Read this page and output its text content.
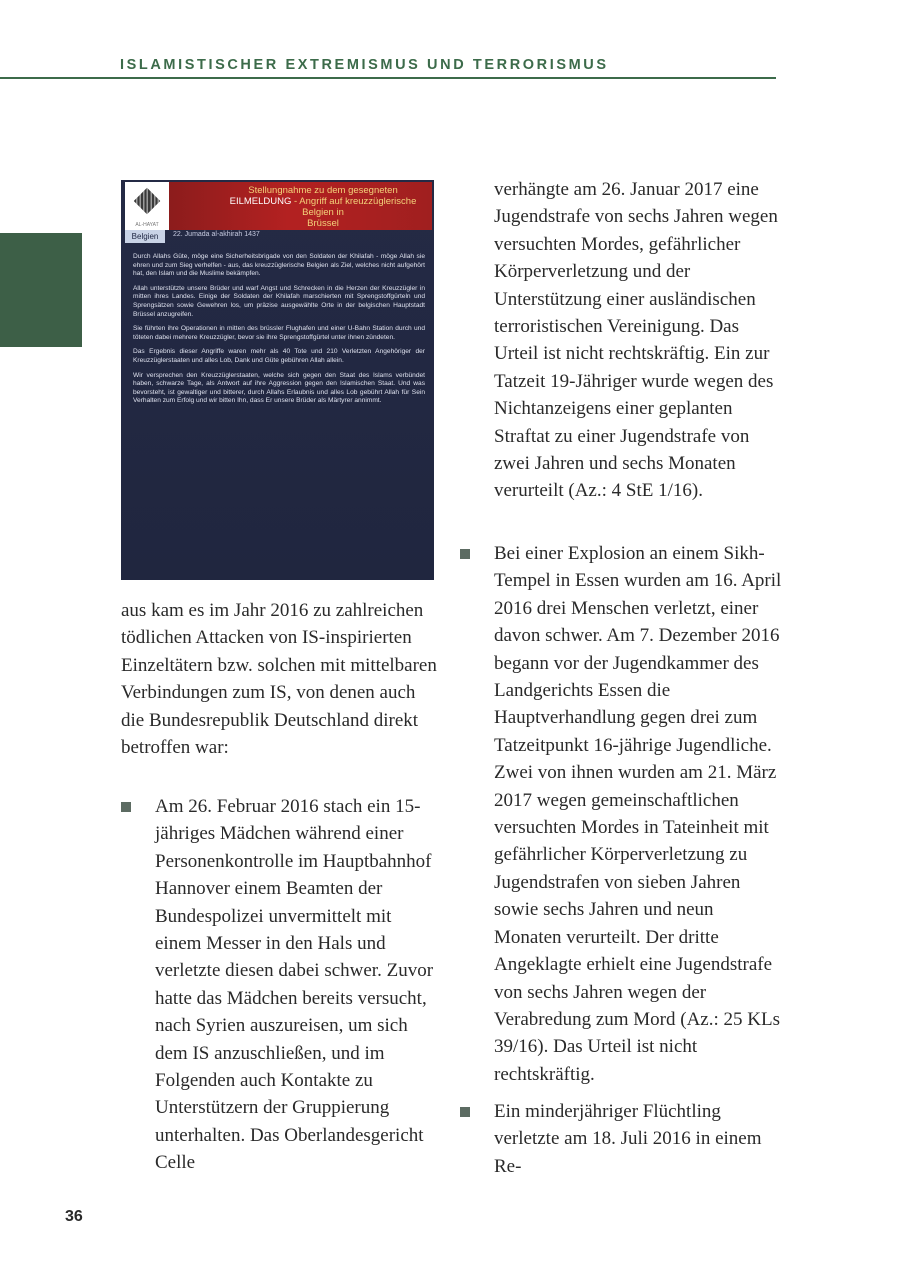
ISLAMISTISCHER EXTREMISMUS UND TERRORISMUS
AL-HAYAT
Stellungnahme zu dem gesegneten
EILMELDUNG - Angriff auf kreuzzüglerische Belgien in
Brüssel
Belgien	22. Jumada al-akhirah 1437

Durch Allahs Güte, möge eine Sicherheitsbrigade von den Soldaten der Khilafah - möge Allah sie ehren und zum Sieg verhelfen - aus, das kreuzzüglerische Belgien als Ziel, welches nicht aufgehört hat, den Islam und die Muslime bekämpfen.

Allah unterstützte unsere Brüder und warf Angst und Schrecken in die Herzen der Kreuzzügler in mitten ihres Landes. Einige der Soldaten der Khilafah marschierten mit Sprengstoffgürteln und Sprengsätzen sowie Gewehren los, um präzise ausgewählte Orte in der belgischen Hauptstadt Brüssel anzugreifen.

Sie führten ihre Operationen in mitten des brüssler Flughafen und einer U-Bahn Station durch und töteten dabei mehrere Kreuzzügler, bevor sie ihre Sprengstoffgürtel unter ihnen zündeten.

Das Ergebnis dieser Angriffe waren mehr als 40 Tote und 210 Verletzten Angehöriger der Kreuzzüglerstaaten und alles Lob, Dank und Güte gebühren Allah allein.

Wir versprechen den Kreuzzüglerstaaten, welche sich gegen den Staat des Islams verbündet haben, schwarze Tage, als Antwort auf ihre Aggression gegen den Islamischen Staat. Und was bevorsteht, ist gewaltiger und bitterer, durch Allahs Erlaubnis und alles Lob gebührt Allah für Sein Verhalten zum Erfolg und wir bitten Ihn, dass Er unsere Brüder als Märtyrer annimmt.

aus kam es im Jahr 2016 zu zahlreichen tödlichen Attacken von IS-inspirierten Einzeltätern bzw. solchen mit mittelbaren Verbindungen zum IS, von denen auch die Bundesrepublik Deutschland direkt betroffen war:

Am 26. Februar 2016 stach ein 15-jähriges Mädchen während einer Personenkontrolle im Hauptbahnhof Hannover einem Beamten der Bundespolizei unvermittelt mit einem Messer in den Hals und verletzte diesen dabei schwer. Zuvor hatte das Mädchen bereits versucht, nach Syrien auszureisen, um sich dem IS anzuschließen, und im Folgenden auch Kontakte zu Unterstützern der Gruppierung unterhalten. Das Oberlandesgericht Celle

verhängte am 26. Januar 2017 eine Jugendstrafe von sechs Jahren wegen versuchten Mordes, gefährlicher Körperverletzung und der Unterstützung einer ausländischen terroristischen Vereinigung. Das Urteil ist nicht rechtskräftig. Ein zur Tatzeit 19-Jähriger wurde wegen des Nichtanzeigens einer geplanten Straftat zu einer Jugendstrafe von zwei Jahren und sechs Monaten verurteilt (Az.: 4 StE 1/16).

Bei einer Explosion an einem Sikh-Tempel in Essen wurden am 16. April 2016 drei Menschen verletzt, einer davon schwer. Am 7. Dezember 2016 begann vor der Jugendkammer des Landgerichts Essen die Hauptverhandlung gegen drei zum Tatzeitpunkt 16-jährige Jugendliche. Zwei von ihnen wurden am 21. März 2017 wegen gemeinschaftlichen versuchten Mordes in Tateinheit mit gefährlicher Körperverletzung zu Jugendstrafen von sieben Jahren sowie sechs Jahren und neun Monaten verurteilt. Der dritte Angeklagte erhielt eine Jugendstrafe von sechs Jahren wegen der Verabredung zum Mord (Az.: 25 KLs 39/16). Das Urteil ist nicht rechtskräftig.

Ein minderjähriger Flüchtling verletzte am 18. Juli 2016 in einem Re-

36
